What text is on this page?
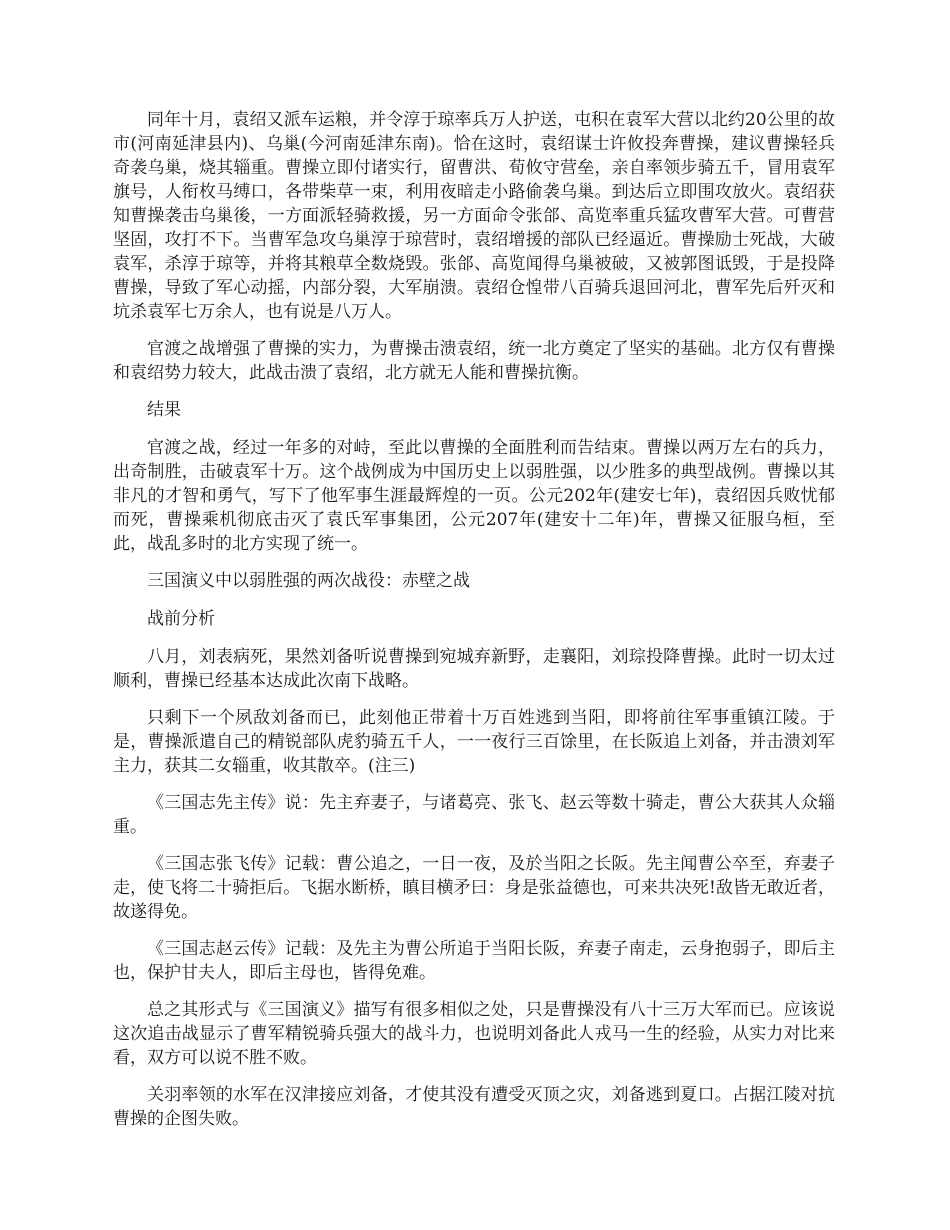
同年十月，袁绍又派车运粮，并令淳于琼率兵万人护送，屯积在袁军大营以北约20公里的故市(河南延津县内)、乌巢(今河南延津东南)。恰在这时，袁绍谋士许攸投奔曹操，建议曹操轻兵奇袭乌巢，烧其辎重。曹操立即付诸实行，留曹洪、荀攸守营垒，亲自率领步骑五千，冒用袁军旗号，人衔枚马缚口，各带柴草一束，利用夜暗走小路偷袭乌巢。到达后立即围攻放火。袁绍获知曹操袭击乌巢後，一方面派轻骑救援，另一方面命令张郃、高览率重兵猛攻曹军大营。可曹营坚固，攻打不下。当曹军急攻乌巢淳于琼营时，袁绍增援的部队已经逼近。曹操励士死战，大破袁军，杀淳于琼等，并将其粮草全数烧毁。张郃、高览闻得乌巢被破，又被郭图诋毁，于是投降曹操，导致了军心动摇，内部分裂，大军崩溃。袁绍仓惶带八百骑兵退回河北，曹军先后歼灭和坑杀袁军七万余人，也有说是八万人。

官渡之战增强了曹操的实力，为曹操击溃袁绍，统一北方奠定了坚实的基础。北方仅有曹操和袁绍势力较大，此战击溃了袁绍，北方就无人能和曹操抗衡。

结果

官渡之战，经过一年多的对峙，至此以曹操的全面胜利而告结束。曹操以两万左右的兵力，出奇制胜，击破袁军十万。这个战例成为中国历史上以弱胜强，以少胜多的典型战例。曹操以其非凡的才智和勇气，写下了他军事生涯最辉煌的一页。公元202年(建安七年)，袁绍因兵败忧郁而死，曹操乘机彻底击灭了袁氏军事集团，公元207年(建安十二年)年，曹操又征服乌桓，至此，战乱多时的北方实现了统一。

三国演义中以弱胜强的两次战役：赤壁之战

战前分析

八月，刘表病死，果然刘备听说曹操到宛城弃新野，走襄阳，刘琮投降曹操。此时一切太过顺利，曹操已经基本达成此次南下战略。

只剩下一个夙敌刘备而已，此刻他正带着十万百姓逃到当阳，即将前往军事重镇江陵。于是，曹操派遣自己的精锐部队虎豹骑五千人，一一夜行三百馀里，在长阪追上刘备，并击溃刘军主力，获其二女辎重，收其散卒。(注三)

《三国志先主传》说：先主弃妻子，与诸葛亮、张飞、赵云等数十骑走，曹公大获其人众辎重。

《三国志张飞传》记载：曹公追之，一日一夜，及於当阳之长阪。先主闻曹公卒至，弃妻子走，使飞将二十骑拒后。飞据水断桥，瞋目横矛曰：身是张益德也，可来共决死!敌皆无敢近者，故遂得免。

《三国志赵云传》记载：及先主为曹公所追于当阳长阪，弃妻子南走，云身抱弱子，即后主也，保护甘夫人，即后主母也，皆得免难。

总之其形式与《三国演义》描写有很多相似之处，只是曹操没有八十三万大军而已。应该说这次追击战显示了曹军精锐骑兵强大的战斗力，也说明刘备此人戎马一生的经验，从实力对比来看，双方可以说不胜不败。

关羽率领的水军在汉津接应刘备，才使其没有遭受灭顶之灾，刘备逃到夏口。占据江陵对抗曹操的企图失败。
